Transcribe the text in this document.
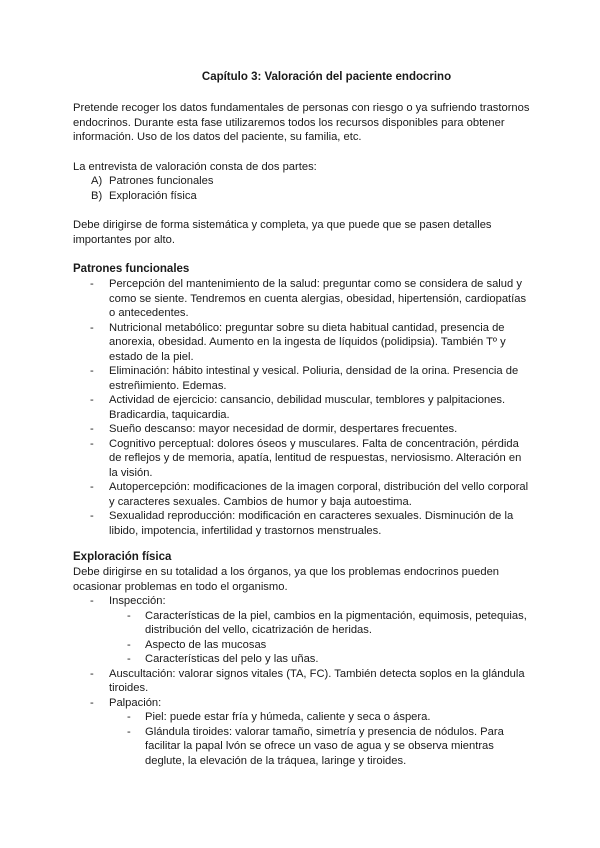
Capítulo 3: Valoración del paciente endocrino

Pretende recoger los datos fundamentales de personas con riesgo o ya sufriendo trastornos endocrinos. Durante esta fase utilizaremos todos los recursos disponibles para obtener información. Uso de los datos del paciente, su familia, etc.

La entrevista de valoración consta de dos partes:

A) Patrones funcionales
B) Exploración física

Debe dirigirse de forma sistemática y completa, ya que puede que se pasen detalles importantes por alto.

Patrones funcionales
-	Percepción del mantenimiento de la salud: preguntar como se considera de salud y como se siente. Tendremos en cuenta alergias, obesidad, hipertensión, cardiopatías o antecedentes.
-	Nutricional metabólico: preguntar sobre su dieta habitual cantidad, presencia de anorexia, obesidad. Aumento en la ingesta de líquidos (polidipsia). También Tº y estado de la piel.
-	Eliminación: hábito intestinal y vesical. Poliuria, densidad de la orina. Presencia de estreñimiento. Edemas.
-	Actividad de ejercicio: cansancio, debilidad muscular, temblores y palpitaciones. Bradicardia, taquicardia.
-	Sueño descanso: mayor necesidad de dormir, despertares frecuentes.
-	Cognitivo perceptual: dolores óseos y musculares. Falta de concentración, pérdida de reflejos y de memoria, apatía, lentitud de respuestas, nerviosismo. Alteración en la visión.
-	Autopercepción: modificaciones de la imagen corporal, distribución del vello corporal y caracteres sexuales. Cambios de humor y baja autoestima.
-	Sexualidad reproducción: modificación en caracteres sexuales. Disminución de la libido, impotencia, infertilidad y trastornos menstruales.
Exploración física

Debe dirigirse en su totalidad a los órganos, ya que los problemas endocrinos pueden ocasionar problemas en todo el organismo.

-	Inspección:
-	Características de la piel, cambios en la pigmentación, equimosis, petequias, distribución del vello, cicatrización de heridas.
-	Aspecto de las mucosas
-	Características del pelo y las uñas.
-	Auscultación: valorar signos vitales (TA, FC). También detecta soplos en la glándula tiroides.
-	Palpación:
-	Piel: puede estar fría y húmeda, caliente y seca o áspera.
-	Glándula tiroides: valorar tamaño, simetría y presencia de nódulos. Para facilitar la papal lvón se ofrece un vaso de agua y se observa mientras deglute, la elevación de la tráquea, laringe y tiroides.
